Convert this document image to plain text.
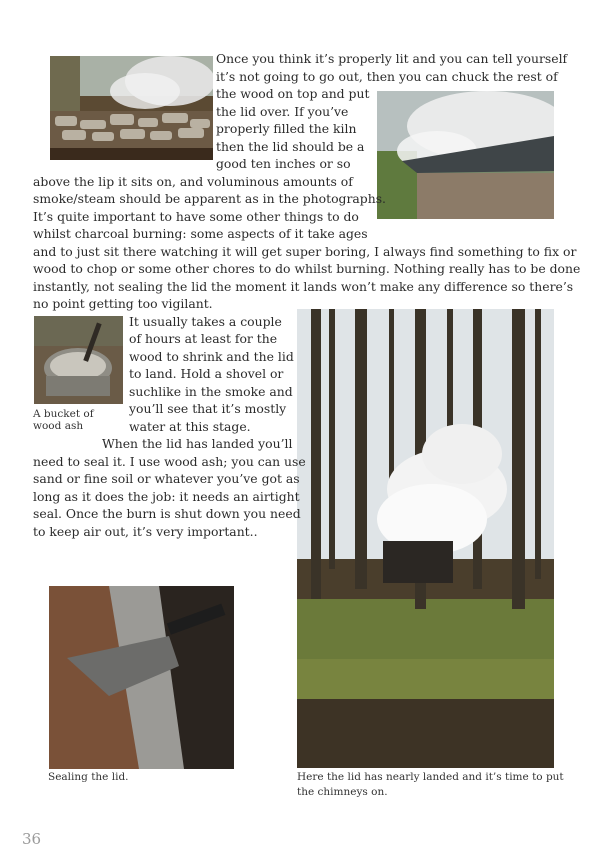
Once you think it’s properly lit and you can tell yourself

it’s not going to go out, then you can chuck the rest of

the wood on top and put

the lid over. If you’ve

properly filled the kiln

then the lid should be a

good ten inches or so

above the lip it sits on, and voluminous amounts of

smoke/steam should be apparent as in the photographs.

It’s quite important to have some other things to do

whilst charcoal burning: some aspects of it take ages

and to just sit there watching it will get super boring, I always find something to fix or

wood to chop or some other chores to do whilst burning. Nothing really has to be done

instantly, not sealing the lid the moment it lands won’t make any difference so there’s

no point getting too vigilant.

It usually takes a couple

of hours at least for the

wood to shrink and the lid

to land. Hold a shovel or

suchlike in the smoke and

you’ll see that it’s mostly

water at this stage.

When the lid has landed you’ll

need to seal it. I use wood ash; you can use

sand or fine soil or whatever you’ve got as

long as it does the job: it needs an airtight

seal. Once the burn is shut down you need

to keep air out, it’s very important..

A bucket of
wood ash
Sealing the lid.	Here the lid has nearly landed and it’s time to put
the chimneys on.
36
